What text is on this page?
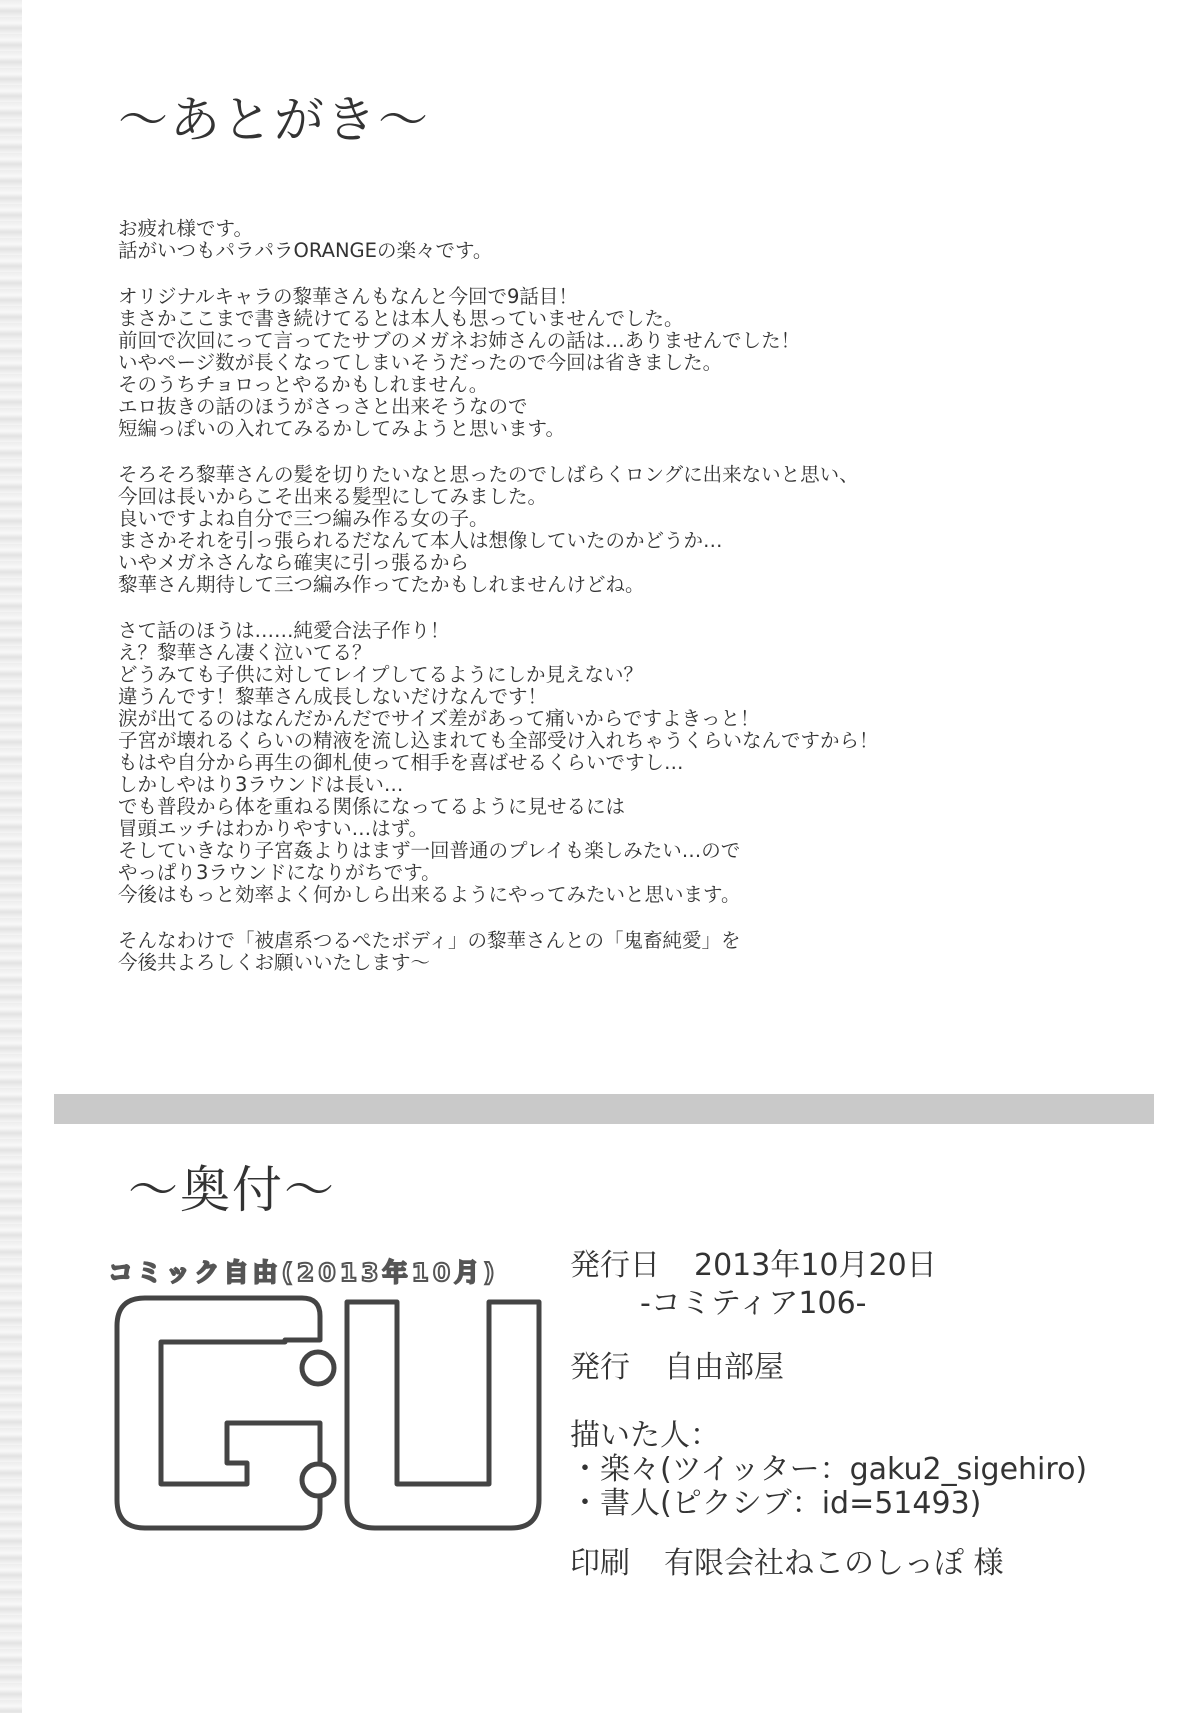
～あとがき～
お疲れ様です。
話がいつもパラパラORANGEの楽々です。
オリジナルキャラの黎華さんもなんと今回で9話目！
まさかここまで書き続けてるとは本人も思っていませんでした。
前回で次回にって言ってたサブのメガネお姉さんの話は…ありませんでした！
いやページ数が長くなってしまいそうだったので今回は省きました。
そのうちチョロっとやるかもしれません。
エロ抜きの話のほうがさっさと出来そうなので
短編っぽいの入れてみるかしてみようと思います。
そろそろ黎華さんの髪を切りたいなと思ったのでしばらくロングに出来ないと思い、
今回は長いからこそ出来る髪型にしてみました。
良いですよね自分で三つ編み作る女の子。
まさかそれを引っ張られるだなんて本人は想像していたのかどうか…
いやメガネさんなら確実に引っ張るから
黎華さん期待して三つ編み作ってたかもしれませんけどね。
さて話のほうは……純愛合法子作り！
え？黎華さん凄く泣いてる？
どうみても子供に対してレイプしてるようにしか見えない？
違うんです！黎華さん成長しないだけなんです！
涙が出てるのはなんだかんだでサイズ差があって痛いからですよきっと！
子宮が壊れるくらいの精液を流し込まれても全部受け入れちゃうくらいなんですから！
もはや自分から再生の御札使って相手を喜ばせるくらいですし…
しかしやはり3ラウンドは長い…
でも普段から体を重ねる関係になってるように見せるには
冒頭エッチはわかりやすい…はず。
そしていきなり子宮姦よりはまず一回普通のプレイも楽しみたい…ので
やっぱり3ラウンドになりがちです。
今後はもっと効率よく何かしら出来るようにやってみたいと思います。
そんなわけで「被虐系つるぺたボディ」の黎華さんとの「鬼畜純愛」を
今後共よろしくお願いいたします～
～奥付～
コミック自由(2013年10月)	発行日 2013年10月20日
-コミティア106-
発行 自由部屋
描いた人：
・楽々(ツイッター：gaku2_sigehiro)
・書人(ピクシブ：id=51493)
印刷 有限会社ねこのしっぽ 様
